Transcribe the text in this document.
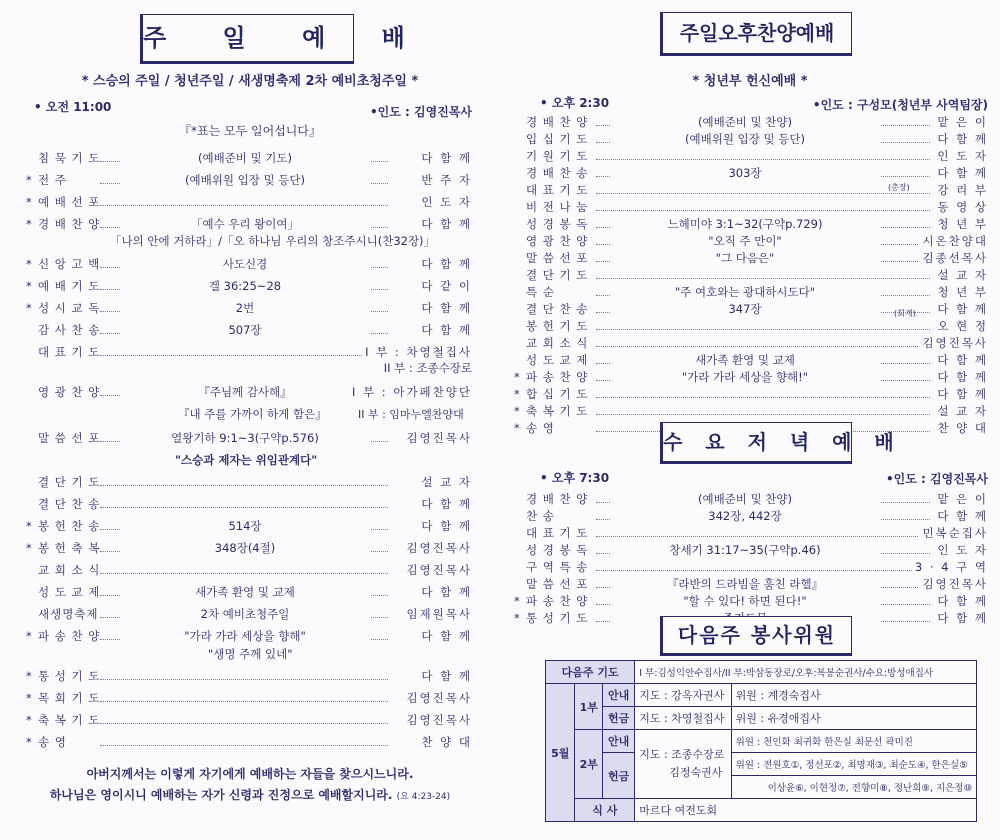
주 일 예 배
* 스승의 주일 / 청년주일 / 새생명축제 2차 예비초청주일 *
• 오전 11:00	•인도 : 김영진목사
『*표는 모두 일어섭니다』
침 묵 기 도	(예배준비 및 기도)	다 함 께
* 전 주	(예배위원 입장 및 등단)	반 주 자
* 예 배 선 포	인 도 자
* 경 배 찬 양	「예수 우리 왕이여」	다 함 께
* 신 앙 고 백	사도신경	다 함 께
* 예 배 기 도	겔 36:25~28	다 같 이
* 성 시 교 독	2번	다 함 께
감 사 찬 송	507장	다 함 께
대 표 기 도	I 부 : 차영철집사
영 광 찬 양	『주님께 감사해』	I 부 : 아가페찬양단
말 씀 선 포	열왕기하 9:1~3(구약p.576)	김영진목사
결 단 기 도	설 교 자
결 단 찬 송	다 함 께
* 봉 헌 찬 송	514장	다 함 께
* 봉 헌 축 복	348장(4절)	김영진목사
교 회 소 식	김영진목사
성 도 교 제	새가족 환영 및 교제	다 함 께
새생명축제	2차 예비초청주일	임제원목사
* 파 송 찬 양	"가라 가라 세상을 향해"	다 함 께
* 통 성 기 도	다 함 께
* 목 회 기 도	김영진목사
* 축 복 기 도	김영진목사
* 송 영	찬 양 대
「나의 안에 거하라」/「오 하나님 우리의 창조주시니(찬32장)」
II 부 : 조종수장로
『내 주를 가까이 하게 함은』	II 부 : 임마누엘찬양대
"스승과 제자는 위임관계다"
"생명 주께 있네"
아버지께서는 이렇게 자기에게 예배하는 자들을 찾으시느니라.
하나님은 영이시니 예배하는 자가 신령과 진정으로 예배할지니라. (요 4:23-24)
주일오후찬양예배
* 청년부 헌신예배 *
• 오후 2:30	•인도 : 구성모(청년부 사역팀장)
경 배 찬 양	(예배준비 및 찬양)	맡 은 이
입 십 기 도	(예배위원 입장 및 등단)	다 함 께
기 원 기 도	인 도 자
경 배 찬 송	303장	다 함 께
대 표 기 도	강 리 부
비 전 나 눔	동 영 상
성 경 봉 독	느헤미야 3:1~32(구약p.729)	청 년 부
영 광 찬 양	"오직 주 만이"	시온찬양대
말 씀 선 포	"그 다음은"	김종선목사
결 단 기 도	설 교 자
특 순	"주 여호와는 광대하시도다"	청 년 부
결 단 찬 송	347장	다 함 께
봉 헌 기 도	오 현 정
교 회 소 식	김영진목사
성 도 교 제	새가족 환영 및 교제	다 함 께
* 파 송 찬 양	"가라 가라 세상을 향해!"	다 함 께
* 합 십 기 도	다 함 께
* 축 복 기 도	설 교 자
* 송 영	찬 양 대
(총장)
(회계)
수 요 저 녁 예 배
• 오후 7:30	•인도 : 김영진목사
경 배 찬 양	(예배준비 및 찬양)	맡 은 이
찬 송	342장, 442장	다 함 께
대 표 기 도	민복순집사
성 경 봉 독	창세기 31:17~35(구약p.46)	인 도 자
구 역 특 송	3 · 4 구 역
말 씀 선 포	『라반의 드라빔을 훔친 라헬』	김영진목사
* 파 송 찬 양	"할 수 있다! 하면 된다!"	다 함 께
* 통 성 기 도	다 함 께
다음주 봉사위원
다음주 기도			I 부:김성익안수집사/II 부:박삼동장로/오후:복봉순권사/수요:방성애집사	
5월	1부	안내	지도 : 강옥자권사	위원 : 계경숙집사
		헌금	지도 : 차영철집사	위원 : 유경애집사
	2부	안내	지도 : 조종수장로
김정숙권사	위원 : 천인화 최귀화 한은실 최문선 곽미진
		헌금		위원 : 전원호①, 정선포②, 최명재③, 최순도④, 한은실⑤
				이상윤⑥, 이현정⑦, 전향미⑧, 정난희⑨, 지은정⑩
	식 사		마르다 여전도회	
